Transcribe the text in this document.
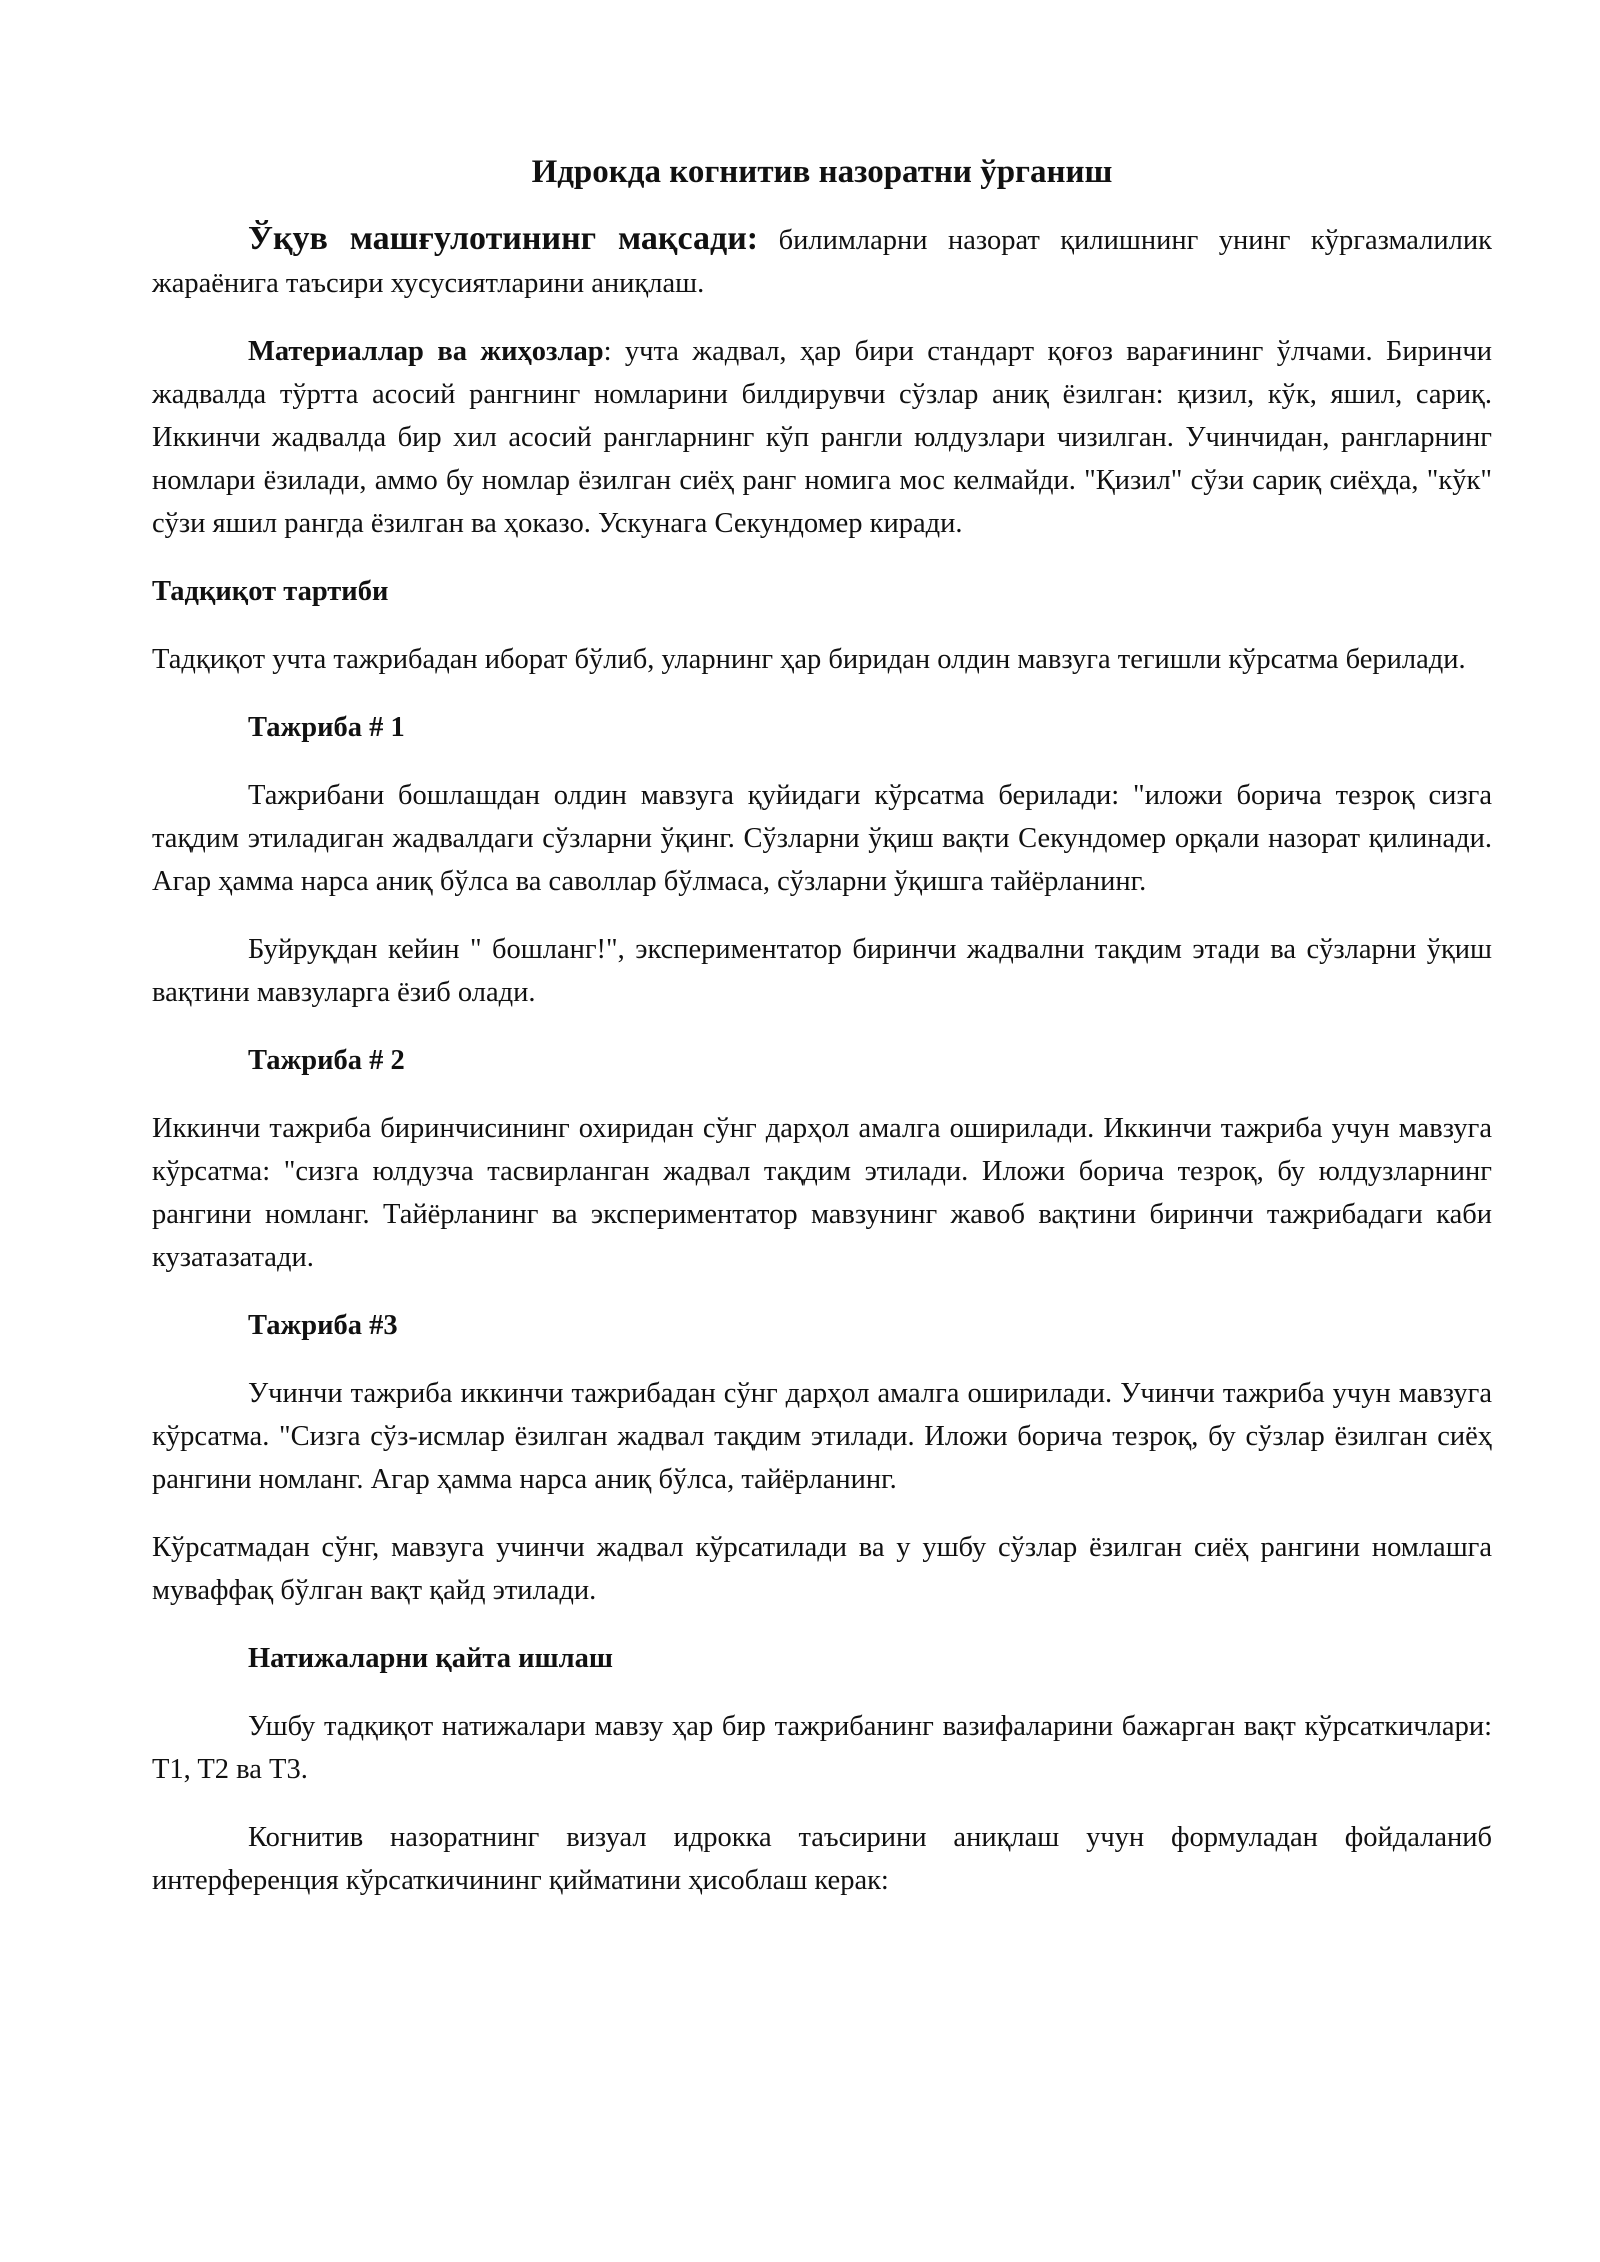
Идрокда когнитив назоратни ўрганиш

Ўқув машғулотининг мақсади: билимларни назорат қилишнинг унинг кўргазмалилик жараёнига таъсири хусусиятларини аниқлаш.

Материаллар ва жиҳозлар: учта жадвал, ҳар бири стандарт қоғоз варағининг ўлчами. Биринчи жадвалда тўртта асосий рангнинг номларини билдирувчи сўзлар аниқ ёзилган: қизил, кўк, яшил, сариқ. Иккинчи жадвалда бир хил асосий рангларнинг кўп рангли юлдузлари чизилган. Учинчидан, рангларнинг номлари ёзилади, аммо бу номлар ёзилган сиёҳ ранг номига мос келмайди. "Қизил" сўзи сариқ сиёҳда, "кўк" сўзи яшил рангда ёзилган ва ҳоказо. Ускунага Секундомер киради.

Тадқиқот тартиби

Тадқиқот учта тажрибадан иборат бўлиб, уларнинг ҳар биридан олдин мавзуга тегишли кўрсатма берилади.

Тажриба # 1

Тажрибани бошлашдан олдин мавзуга қуйидаги кўрсатма берилади: "иложи борича тезроқ сизга тақдим этиладиган жадвалдаги сўзларни ўқинг. Сўзларни ўқиш вақти Секундомер орқали назорат қилинади. Агар ҳамма нарса аниқ бўлса ва саволлар бўлмаса, сўзларни ўқишга тайёрланинг.

Буйруқдан кейин " бошланг!", экспериментатор биринчи жадвални тақдим этади ва сўзларни ўқиш вақтини мавзуларга ёзиб олади.

Тажриба # 2

Иккинчи тажриба биринчисининг охиридан сўнг дарҳол амалга оширилади. Иккинчи тажриба учун мавзуга кўрсатма: "сизга юлдузча тасвирланган жадвал тақдим этилади. Иложи борича тезроқ, бу юлдузларнинг рангини номланг. Тайёрланинг ва экспериментатор мавзунинг жавоб вақтини биринчи тажрибадаги каби кузатазатади.

Тажриба #3

Учинчи тажриба иккинчи тажрибадан сўнг дарҳол амалга оширилади. Учинчи тажриба учун мавзуга кўрсатма. "Сизга сўз-исмлар ёзилган жадвал тақдим этилади. Иложи борича тезроқ, бу сўзлар ёзилган сиёҳ рангини номланг. Агар ҳамма нарса аниқ бўлса, тайёрланинг.

Кўрсатмадан сўнг, мавзуга учинчи жадвал кўрсатилади ва у ушбу сўзлар ёзилган сиёҳ рангини номлашга муваффақ бўлган вақт қайд этилади.

Натижаларни қайта ишлаш

Ушбу тадқиқот натижалари мавзу ҳар бир тажрибанинг вазифаларини бажарган вақт кўрсаткичлари: T1, T2 ва T3.

Когнитив назоратнинг визуал идрокка таъсирини аниқлаш учун формуладан фойдаланиб интерференция кўрсаткичининг қийматини ҳисоблаш керак:
